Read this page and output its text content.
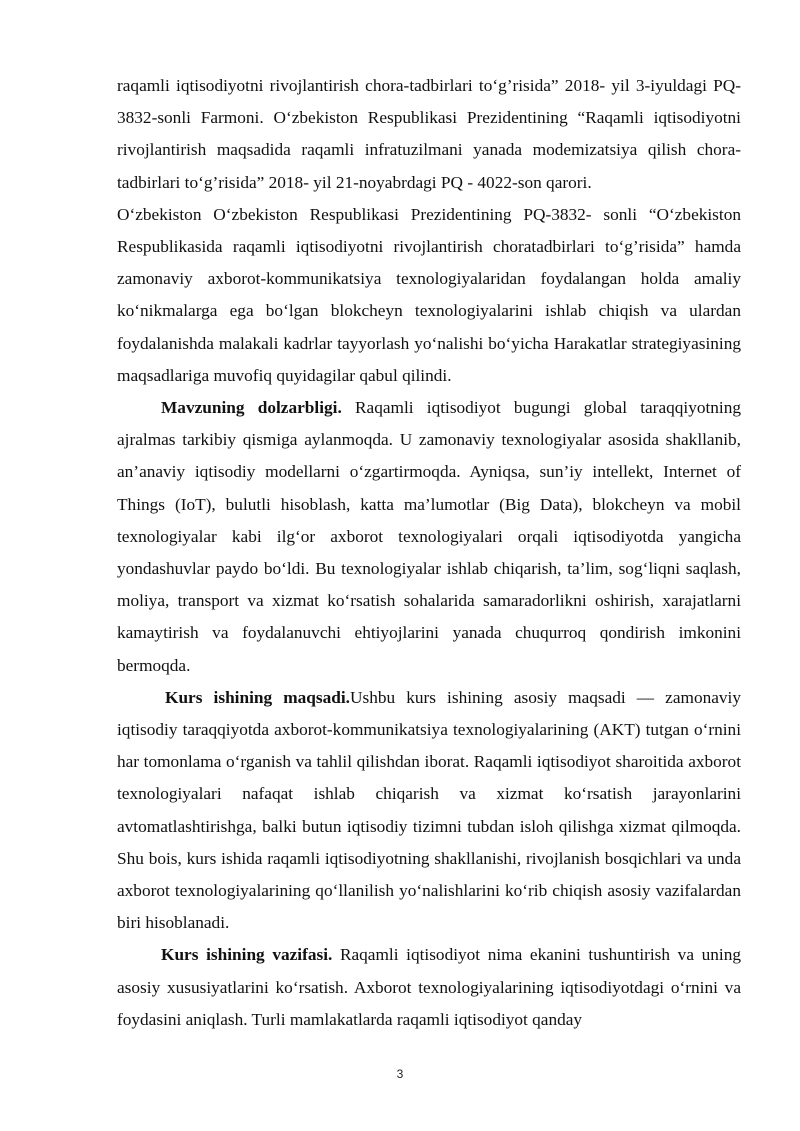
raqamli iqtisodiyotni rivojlantirish chora-tadbirlari to‘g’risida” 2018- yil 3-iyuldagi PQ- 3832-sonli Farmoni. O‘zbekiston Respublikasi Prezidentining “Raqamli iqtisodiyotni rivojlantirish maqsadida raqamli infratuzilmani yanada modemizatsiya qilish chora-tadbirlari to‘g’risida” 2018- yil 21-noyabrdagi PQ - 4022-son qarori.

O‘zbekiston O‘zbekiston Respublikasi Prezidentining PQ-3832- sonli “O‘zbekiston Respublikasida raqamli iqtisodiyotni rivojlantirish choratadbirlari to‘g’risida” hamda zamonaviy axborot-kommunikatsiya texnologiyalaridan foydalangan holda amaliy ko‘nikmalarga ega bo‘lgan blokcheyn texnologiyalarini ishlab chiqish va ulardan foydalanishda malakali kadrlar tayyorlash yo‘nalishi bo‘yicha Harakatlar strategiyasining maqsadlariga muvofiq quyidagilar qabul qilindi.

Mavzuning dolzarbligi. Raqamli iqtisodiyot bugungi global taraqqiyotning ajralmas tarkibiy qismiga aylanmoqda. U zamonaviy texnologiyalar asosida shakllanib, an’anaviy iqtisodiy modellarni o‘zgartirmoqda. Ayniqsa, sun’iy intellekt, Internet of Things (IoT), bulutli hisoblash, katta ma’lumotlar (Big Data), blokcheyn va mobil texnologiyalar kabi ilg‘or axborot texnologiyalari orqali iqtisodiyotda yangicha yondashuvlar paydo bo‘ldi. Bu texnologiyalar ishlab chiqarish, ta’lim, sog‘liqni saqlash, moliya, transport va xizmat ko‘rsatish sohalarida samaradorlikni oshirish, xarajatlarni kamaytirish va foydalanuvchi ehtiyojlarini yanada chuqurroq qondirish imkonini bermoqda.

Kurs ishining maqsadi.Ushbu kurs ishining asosiy maqsadi — zamonaviy iqtisodiy taraqqiyotda axborot-kommunikatsiya texnologiyalarining (AKT) tutgan o‘rnini har tomonlama o‘rganish va tahlil qilishdan iborat. Raqamli iqtisodiyot sharoitida axborot texnologiyalari nafaqat ishlab chiqarish va xizmat ko‘rsatish jarayonlarini avtomatlashtirishga, balki butun iqtisodiy tizimni tubdan isloh qilishga xizmat qilmoqda. Shu bois, kurs ishida raqamli iqtisodiyotning shakllanishi, rivojlanish bosqichlari va unda axborot texnologiyalarining qo‘llanilish yo‘nalishlarini ko‘rib chiqish asosiy vazifalardan biri hisoblanadi.

Kurs ishining vazifasi. Raqamli iqtisodiyot nima ekanini tushuntirish va uning asosiy xususiyatlarini ko‘rsatish. Axborot texnologiyalarining iqtisodiyotdagi o‘rnini va foydasini aniqlash. Turli mamlakatlarda raqamli iqtisodiyot qanday

3
